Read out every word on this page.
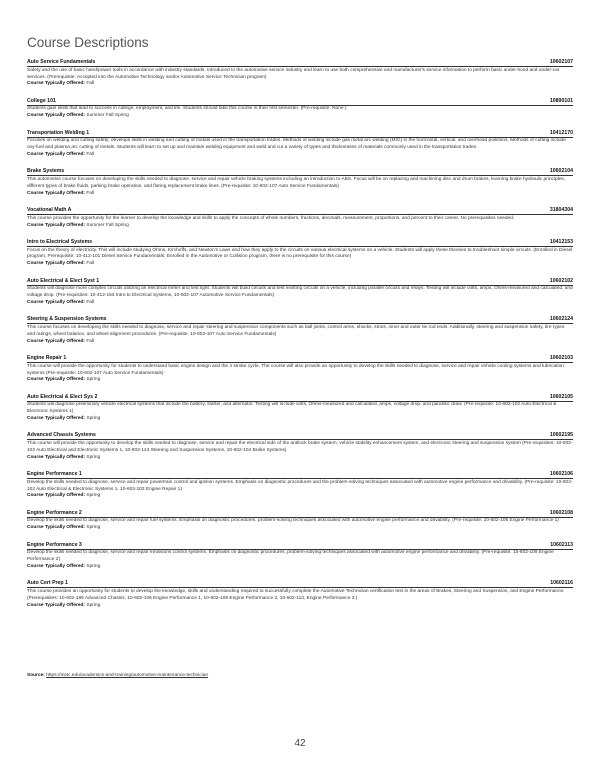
Course Descriptions
Auto Service Fundamentals	10602107
Safety and the use of basic hand/power tools in accordance with industry standards. Introduced to the automotive service industry and learn to use both comprehensive and manufacturer's service information to perform basic under-hood and under-car services. (Prerequisite: Accepted into the Automotive Technology and/or Automotive Service Technician program)
Course Typically Offered: Fall
College 101	10890101
Students gain skills that lead to success in college, employment, and life. Students should take this course in their first semester. (Pre-requisite: None.)
Course Typically Offered: Summer Fall Spring
Transportation Welding 1	10412170
Focuses on welding and cutting safety; develops skills in welding and cutting of metals used in the transportation trades. Methods of welding include gas metal arc welding (MIG) in the horizontal, vertical, and overhead positions. Methods of cutting include oxy-fuel and plasma arc cutting of metals. Students will learn to set up and maintain welding equipment and weld and cut a variety of types and thicknesses of materials commonly used in the transportation trades.
Course Typically Offered: Fall
Brake Systems	10602104
This automotive course focuses on developing the skills needed to diagnose, service and repair vehicle braking systems including an introduction to ABS. Focus will be on replacing and machining disc and drum brakes, learning brake hydraulic principles, different types of brake fluids, parking brake operation, and flaring replacement brake lines. (Pre-requisite: 10-602-107 Auto Service Fundamentals)
Course Typically Offered: Fall
Vocational Math A	31804304
This course provides the opportunity for the learner to develop the knowledge and skills to apply the concepts of whole numbers, fractions, decimals, measurement, proportions, and percent to their career. No prerequisites needed.
Course Typically Offered: Summer Fall Spring
Intro to Electrical Systems	10412153
Focus on the theory of electricity. This will include studying Ohms, Kirchoffs, and Newton's Laws and how they apply to the circuits on various electrical systems on a vehicle. Students will apply these theories to troubleshoot simple circuits. (Enrolled in Diesel program, Prerequisite: 10-412-101 Diesel Service Fundamentals; Enrolled in the Automotive or Collision program, there is no prerequisite for this course)
Course Typically Offered: Fall
Auto Electrical & Elect Syst 1	10602102
Students will diagnose more complex circuits utilizing an electrical meter and test light. Students will build circuits and test existing circuits on a vehicle, including parallel circuits and relays. Testing will include volts, amps, Ohms-measured and calculated, and voltage drop. (Pre-requisites: 10-412-153 Intro to Electrical Systems, 10-602-107 Automotive Service Fundamentals)
Course Typically Offered: Fall
Steering & Suspension Systems	10602124
This course focuses on developing the skills needed to diagnose, service and repair steering and suspension components such as ball joints, control arms, shocks, struts, inner and outer tie rod ends. Additionally, steering and suspension safety, tire types and ratings, wheel balance, and wheel alignment procedures. (Pre-requisite: 10-602-107 Auto Service Fundamentals)
Course Typically Offered: Fall
Engine Repair 1	10602103
This course will provide the opportunity for students to understand basic engine design and the 4 stroke cycle. The course will also provide an opportunity to develop the skills needed to diagnose, service and repair vehicle cooling systems and lubrication systems (Pre-requisite: 10-602-107 Auto Service Fundamentals)
Course Typically Offered: Spring
Auto Electrical & Elect Sys 2	10602105
Students will diagnose preliminary vehicle electrical systems that include the battery, starter, and alternator. Testing will include volts, Ohms-measured and calculated, amps, voltage drop, and parasitic draw. (Pre-requisite: 10-602-102 Auto Electrical & Electronic Systems 1)
Course Typically Offered: Spring
Advanced Chassis Systems	10602195
This course will provide the opportunity to develop the skills needed to diagnose, service and repair the electrical side of the antilock brake system, vehicle stability enhancement system, and electronic steering and suspension system (Pre-requisites: 10-602-102 Auto Electrical and Electronic Systems 1, 10-602-124 Steering and Suspension Systems, 10-602-104 Brake Systems)
Course Typically Offered: Spring
Engine Performance 1	10602106
Develop the skills needed to diagnose, service and repair powertrain control and ignition systems. Emphasis on diagnostic procedures and the problem-solving techniques associated with automotive engine performance and drivability. (Pre-requisite: 10-602-102 Auto Electrical & Electronic Systems 1, 10-602-103 Engine Repair 1)
Course Typically Offered: Spring
Engine Performance 2	10602108
Develop the skills needed to diagnose, service and repair fuel systems. Emphasis on diagnostic procedures, problem-solving techniques associated with automotive engine performance and drivability. (Pre-requisite: 10-602-106 Engine Performance 1)
Course Typically Offered: Spring
Engine Performance 3	10602113
Develop the skills needed to diagnose, service and repair emissions control systems. Emphasis on diagnostic procedures, problem-solving techniques associated with automotive engine performance and drivability. (Pre-requisite: 10-602-108 Engine Performance 2)
Course Typically Offered: Spring
Auto Cert Prep 1	10602116
This course provides an opportunity for students to develop the knowledge, skills and understanding required to successfully complete the Automotive Technician certification test in the areas of Brakes, Steering and Suspension, and Engine Performance. (Prerequisites: 10-602-195 Advanced Chassis, 10-602-106 Engine Performance 1, 10-602-108 Engine Performance 2, 10-602-113, Engine Performance 3 )
Course Typically Offered: Spring
Source: https://nwtc.edu/academics-and-training/automotive-maintenance-technician
42
